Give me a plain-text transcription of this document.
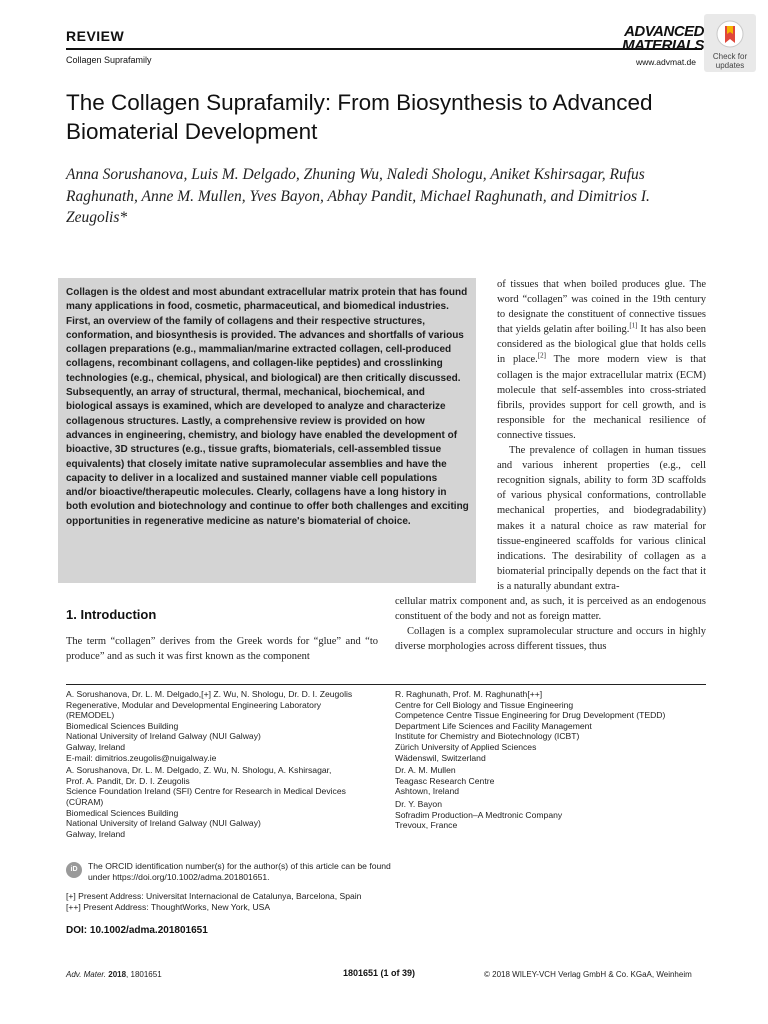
REVIEW
Collagen Suprafamily
ADVANCED
MATERIALS
www.advmat.de
Check for
updates
The Collagen Suprafamily: From Biosynthesis to Advanced Biomaterial Development
Anna Sorushanova, Luis M. Delgado, Zhuning Wu, Naledi Shologu, Aniket Kshirsagar, Rufus Raghunath, Anne M. Mullen, Yves Bayon, Abhay Pandit, Michael Raghunath, and Dimitrios I. Zeugolis*
Collagen is the oldest and most abundant extracellular matrix protein that has found many applications in food, cosmetic, pharmaceutical, and biomedical industries. First, an overview of the family of collagens and their respective structures, conformation, and biosynthesis is provided. The advances and shortfalls of various collagen preparations (e.g., mammalian/marine extracted collagen, cell-produced collagens, recombinant collagens, and collagen-like peptides) and crosslinking technologies (e.g., chemical, physical, and biological) are then critically discussed. Subsequently, an array of structural, thermal, mechanical, biochemical, and biological assays is examined, which are developed to analyze and characterize collagenous structures. Lastly, a comprehensive review is provided on how advances in engineering, chemistry, and biology have enabled the development of bioactive, 3D structures (e.g., tissue grafts, biomaterials, cell-assembled tissue equivalents) that closely imitate native supramolecular assemblies and have the capacity to deliver in a localized and sustained manner viable cell populations and/or bioactive/therapeutic molecules. Clearly, collagens have a long history in both evolution and biotechnology and continue to offer both challenges and exciting opportunities in regenerative medicine as nature's biomaterial of choice.
1. Introduction
The term “collagen” derives from the Greek words for “glue” and “to produce” and as such it was first known as the component

of tissues that when boiled produces glue. The word “collagen” was coined in the 19th century to designate the constituent of connective tissues that yields gelatin after boiling.[1] It has also been considered as the biological glue that holds cells in place.[2] The more modern view is that collagen is the major extracellular matrix (ECM) molecule that self-assembles into cross-striated fibrils, provides support for cell growth, and is responsible for the mechanical resilience of connective tissues.

The prevalence of collagen in human tissues and various inherent properties (e.g., cell recognition signals, ability to form 3D scaffolds of various physical conformations, controllable mechanical properties, and biodegradability) makes it a natural choice as raw material for tissue-engineered scaffolds for various clinical indications. The desirability of collagen as a biomaterial principally depends on the fact that it is a naturally abundant extra-

cellular matrix component and, as such, it is perceived as an endogenous constituent of the body and not as foreign matter.

Collagen is a complex supramolecular structure and occurs in highly diverse morphologies across different tissues, thus

A. Sorushanova, Dr. L. M. Delgado,[+] Z. Wu, N. Shologu, Dr. D. I. Zeugolis
Regenerative, Modular and Developmental Engineering Laboratory
(REMODEL)
Biomedical Sciences Building
National University of Ireland Galway (NUI Galway)
Galway, Ireland
E-mail: dimitrios.zeugolis@nuigalway.ie
A. Sorushanova, Dr. L. M. Delgado, Z. Wu, N. Shologu, A. Kshirsagar,
Prof. A. Pandit, Dr. D. I. Zeugolis
Science Foundation Ireland (SFI) Centre for Research in Medical Devices
(CÜRAM)
Biomedical Sciences Building
National University of Ireland Galway (NUI Galway)
Galway, Ireland
R. Raghunath, Prof. M. Raghunath[++]
Centre for Cell Biology and Tissue Engineering
Competence Centre Tissue Engineering for Drug Development (TEDD)
Department Life Sciences and Facility Management
Institute for Chemistry and Biotechnology (ICBT)
Zürich University of Applied Sciences
Wädenswil, Switzerland
Dr. A. M. Mullen
Teagasc Research Centre
Ashtown, Ireland
Dr. Y. Bayon
Sofradim Production–A Medtronic Company
Trevoux, France
iD	The ORCID identification number(s) for the author(s) of this article can be found under https://doi.org/10.1002/adma.201801651.
[+] Present Address: Universitat Internacional de Catalunya, Barcelona, Spain
[++] Present Address: ThoughtWorks, New York, USA
DOI: 10.1002/adma.201801651
Adv. Mater. 2018, 1801651	1801651 (1 of 39)	© 2018 WILEY-VCH Verlag GmbH & Co. KGaA, Weinheim
